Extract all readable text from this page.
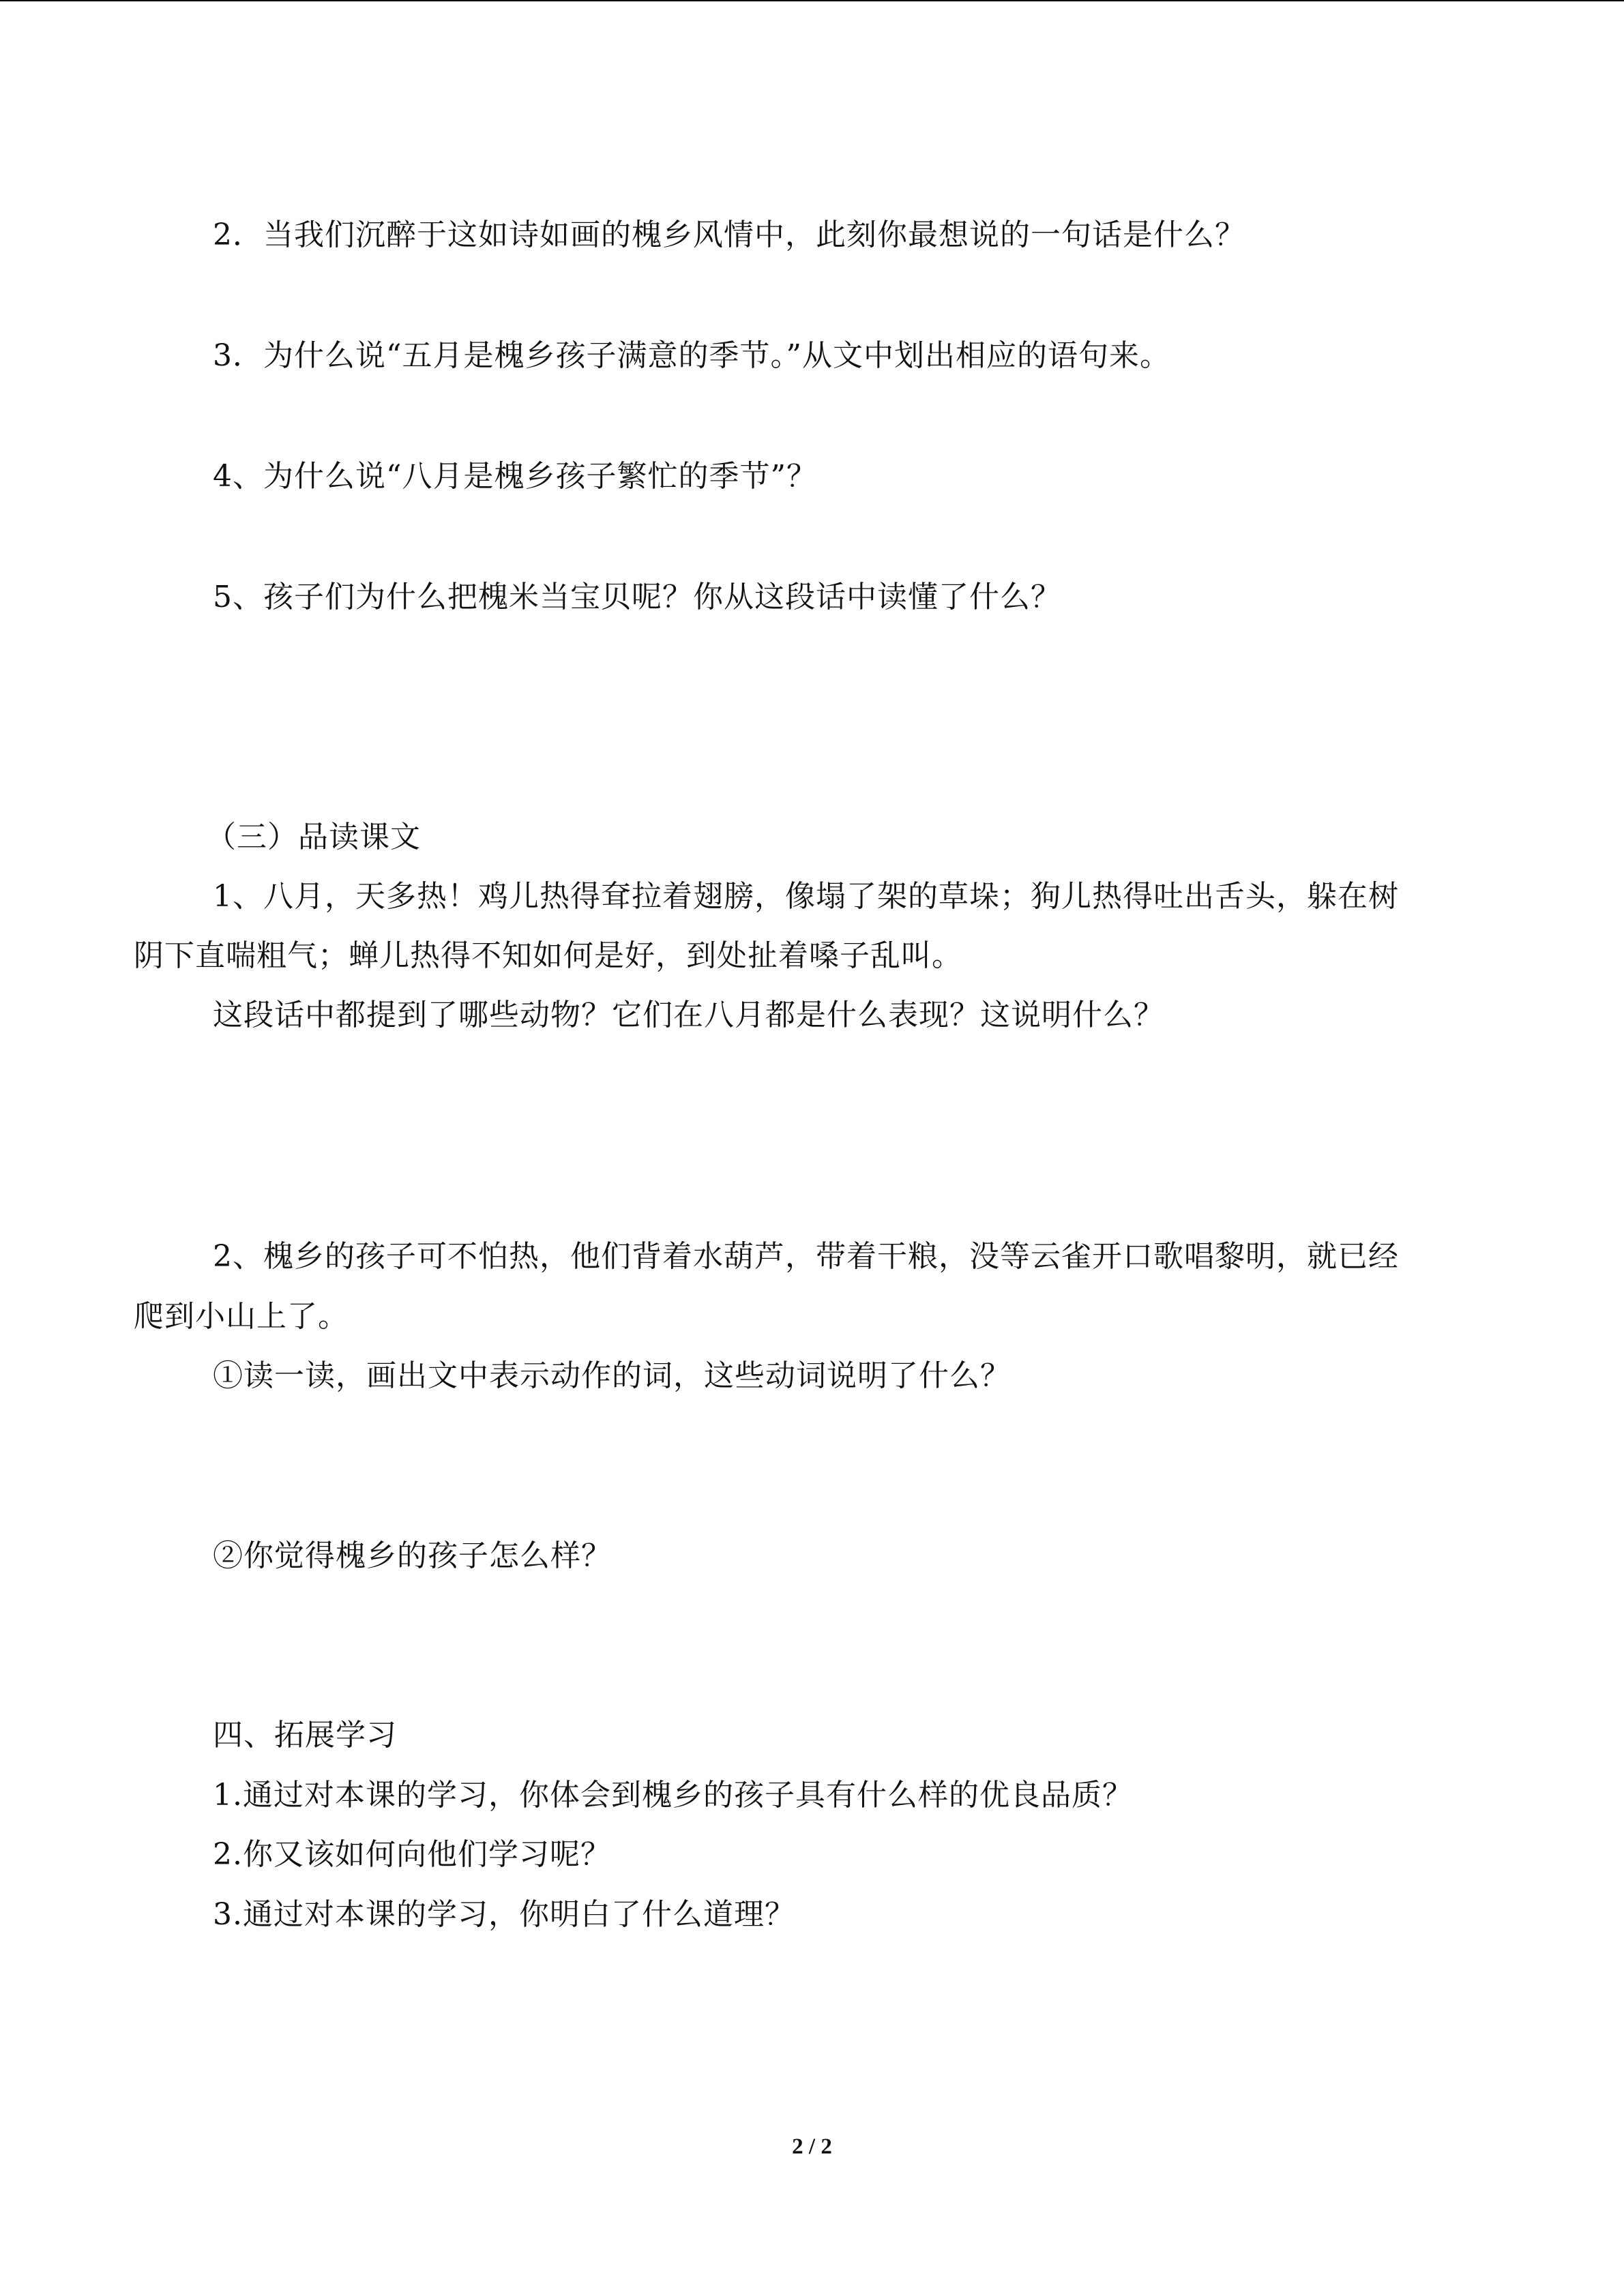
2．当我们沉醉于这如诗如画的槐乡风情中，此刻你最想说的一句话是什么？
3．为什么说“五月是槐乡孩子满意的季节。”从文中划出相应的语句来。
4、为什么说“八月是槐乡孩子繁忙的季节”？
5、孩子们为什么把槐米当宝贝呢？你从这段话中读懂了什么？
（三）品读课文
1、八月，天多热！鸡儿热得耷拉着翅膀，像塌了架的草垛；狗儿热得吐出舌头，躲在树
阴下直喘粗气；蝉儿热得不知如何是好，到处扯着嗓子乱叫。
这段话中都提到了哪些动物？它们在八月都是什么表现？这说明什么？
2、槐乡的孩子可不怕热，他们背着水葫芦，带着干粮，没等云雀开口歌唱黎明，就已经
爬到小山上了。
①读一读，画出文中表示动作的词，这些动词说明了什么？
②你觉得槐乡的孩子怎么样？
四、拓展学习
1.通过对本课的学习，你体会到槐乡的孩子具有什么样的优良品质？
2.你又该如何向他们学习呢？
3.通过对本课的学习，你明白了什么道理？
2 / 2
